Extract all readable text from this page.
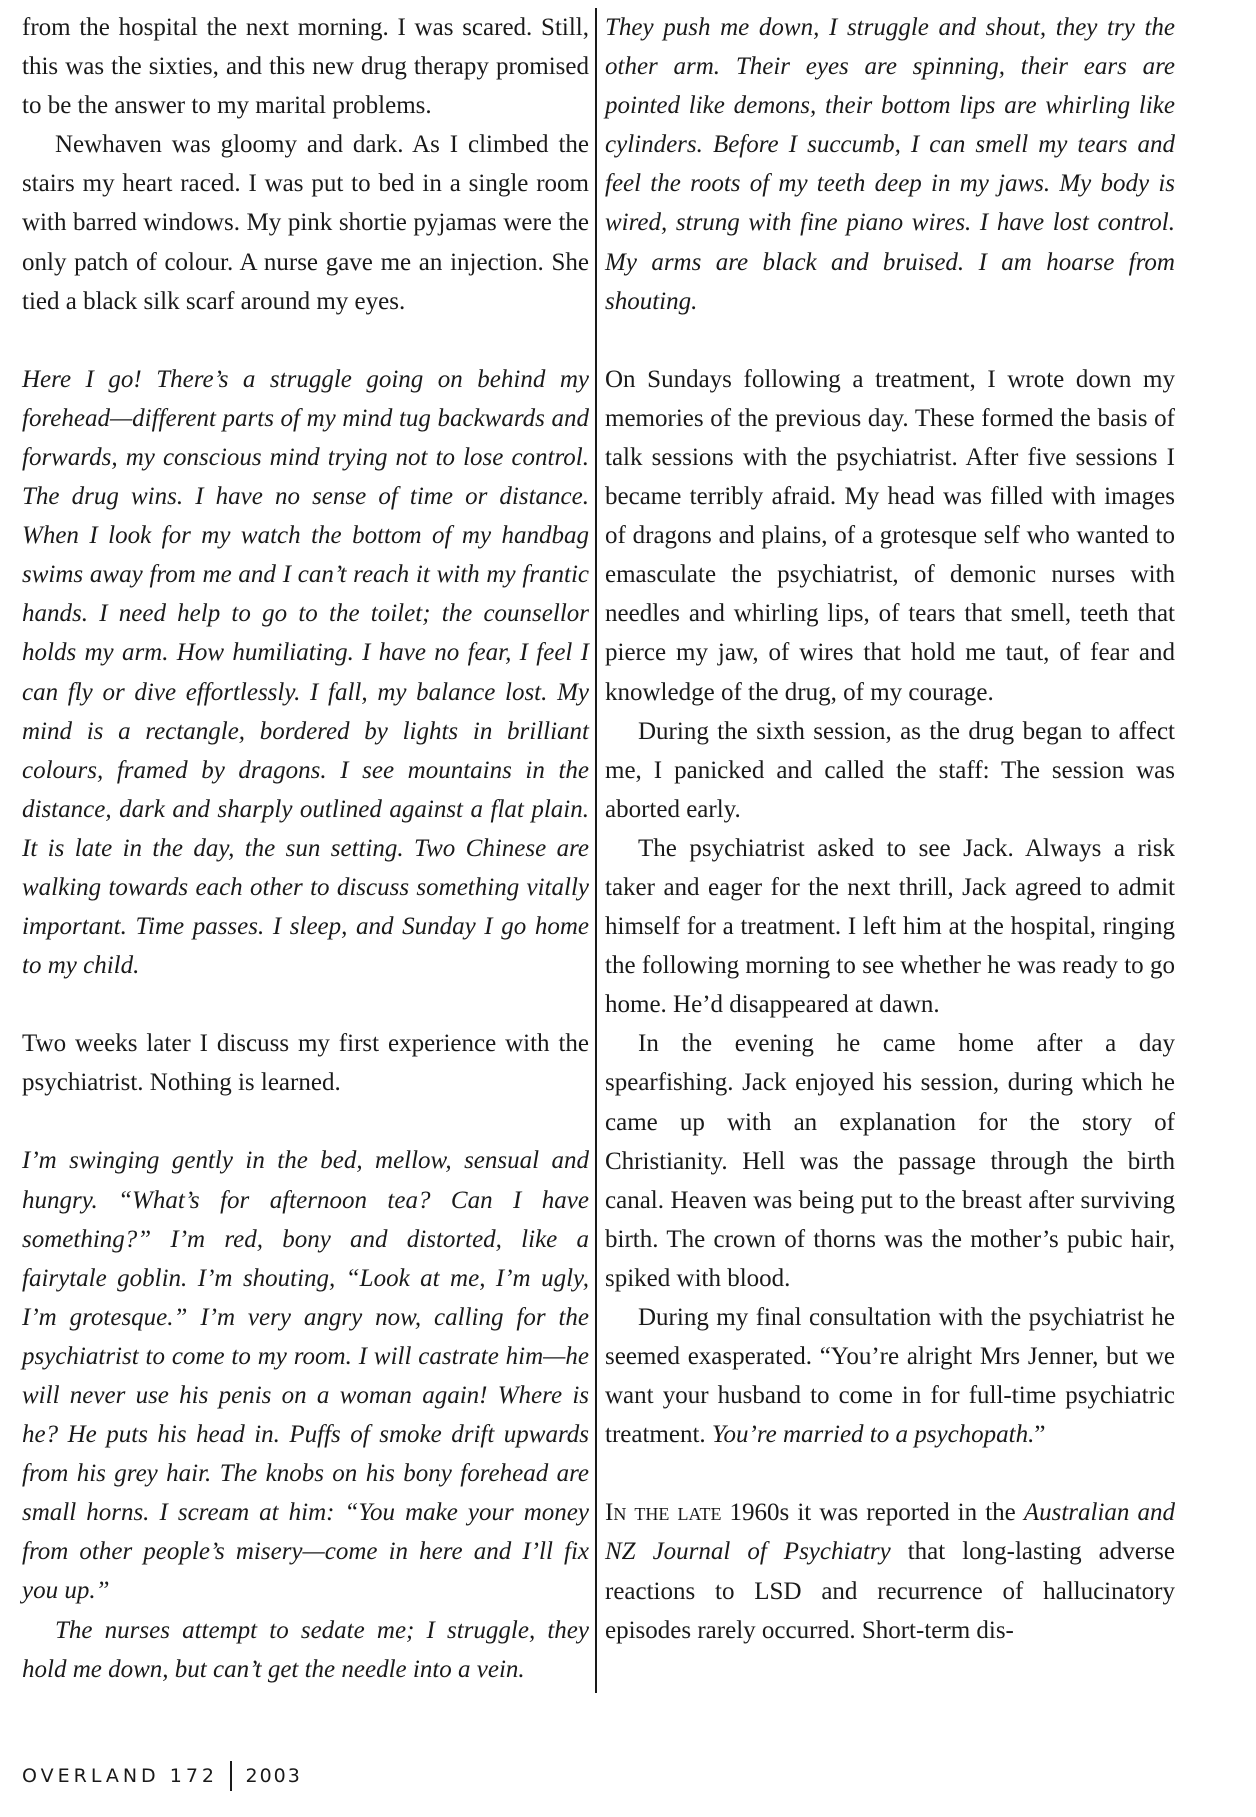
from the hospital the next morning. I was scared. Still, this was the sixties, and this new drug therapy promised to be the answer to my marital problems.

Newhaven was gloomy and dark. As I climbed the stairs my heart raced. I was put to bed in a single room with barred windows. My pink shortie pyjamas were the only patch of colour. A nurse gave me an injection. She tied a black silk scarf around my eyes.

Here I go! There’s a struggle going on behind my forehead—different parts of my mind tug backwards and forwards, my conscious mind trying not to lose control. The drug wins. I have no sense of time or distance. When I look for my watch the bottom of my handbag swims away from me and I can’t reach it with my frantic hands. I need help to go to the toilet; the counsellor holds my arm. How humiliating. I have no fear, I feel I can fly or dive effortlessly. I fall, my balance lost. My mind is a rectangle, bordered by lights in brilliant colours, framed by dragons. I see mountains in the distance, dark and sharply outlined against a flat plain. It is late in the day, the sun setting. Two Chinese are walking towards each other to discuss something vitally important. Time passes. I sleep, and Sunday I go home to my child.

Two weeks later I discuss my first experience with the psychiatrist. Nothing is learned.

I’m swinging gently in the bed, mellow, sensual and hungry. “What’s for afternoon tea? Can I have something?” I’m red, bony and distorted, like a fairytale goblin. I’m shouting, “Look at me, I’m ugly, I’m grotesque.” I’m very angry now, calling for the psychiatrist to come to my room. I will castrate him—he will never use his penis on a woman again! Where is he? He puts his head in. Puffs of smoke drift upwards from his grey hair. The knobs on his bony forehead are small horns. I scream at him: “You make your money from other people’s misery—come in here and I’ll fix you up.”

The nurses attempt to sedate me; I struggle, they hold me down, but can’t get the needle into a vein.

They push me down, I struggle and shout, they try the other arm. Their eyes are spinning, their ears are pointed like demons, their bottom lips are whirling like cylinders. Before I succumb, I can smell my tears and feel the roots of my teeth deep in my jaws. My body is wired, strung with fine piano wires. I have lost control. My arms are black and bruised. I am hoarse from shouting.

On Sundays following a treatment, I wrote down my memories of the previous day. These formed the basis of talk sessions with the psychiatrist. After five sessions I became terribly afraid. My head was filled with images of dragons and plains, of a grotesque self who wanted to emasculate the psychiatrist, of demonic nurses with needles and whirling lips, of tears that smell, teeth that pierce my jaw, of wires that hold me taut, of fear and knowledge of the drug, of my courage.

During the sixth session, as the drug began to affect me, I panicked and called the staff: The session was aborted early.

The psychiatrist asked to see Jack. Always a risk taker and eager for the next thrill, Jack agreed to admit himself for a treatment. I left him at the hospital, ringing the following morning to see whether he was ready to go home. He’d disappeared at dawn.

In the evening he came home after a day spearfishing. Jack enjoyed his session, during which he came up with an explanation for the story of Christianity. Hell was the passage through the birth canal. Heaven was being put to the breast after surviving birth. The crown of thorns was the mother’s pubic hair, spiked with blood.

During my final consultation with the psychiatrist he seemed exasperated. “You’re alright Mrs Jenner, but we want your husband to come in for full-time psychiatric treatment. You’re married to a psychopath.”

In the late 1960s it was reported in the Australian and NZ Journal of Psychiatry that long-lasting adverse reactions to LSD and recurrence of hallucinatory episodes rarely occurred. Short-term dis-

OVERLAND 172 2003
